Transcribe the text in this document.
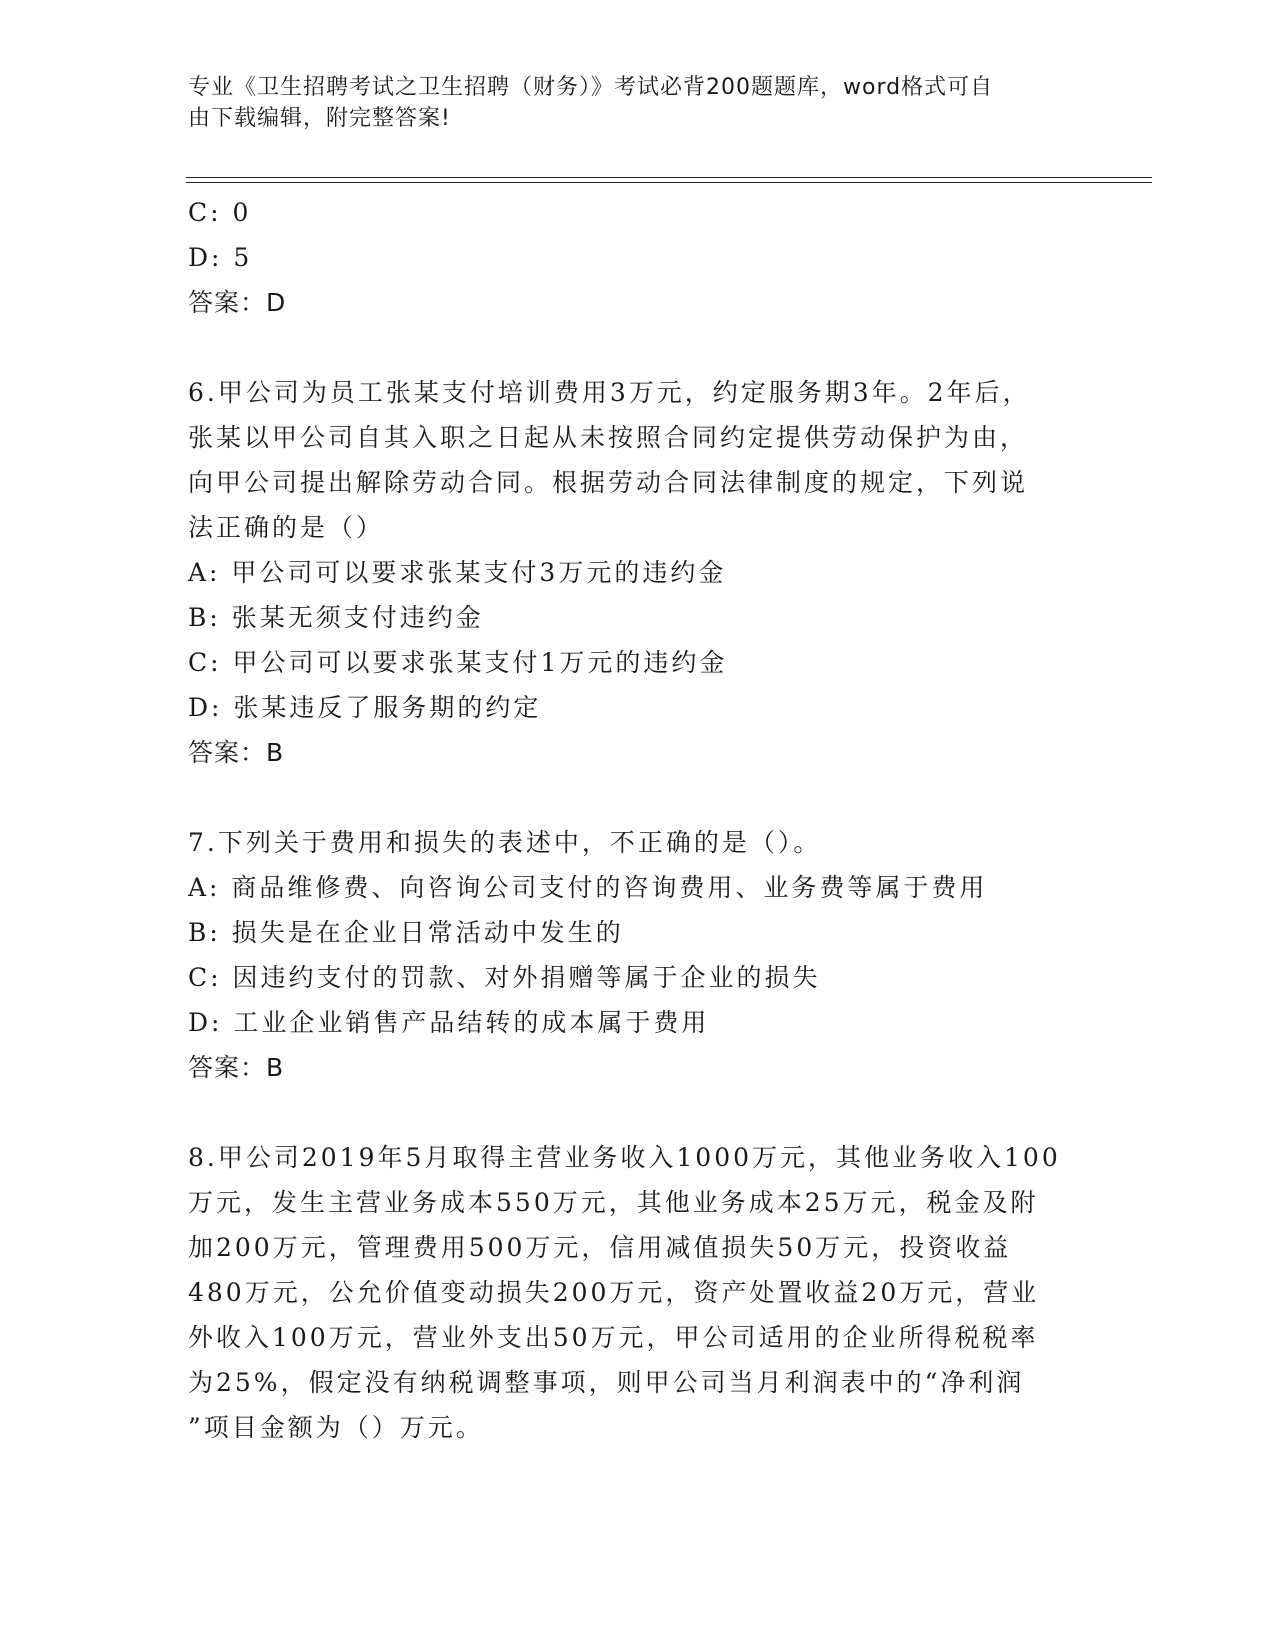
专业《卫生招聘考试之卫生招聘（财务）》考试必背200题题库，word格式可自
由下载编辑，附完整答案!
C: 0
D: 5
答案：D
6.甲公司为员工张某支付培训费用3万元，约定服务期3年。2年后，
张某以甲公司自其入职之日起从未按照合同约定提供劳动保护为由，
向甲公司提出解除劳动合同。根据劳动合同法律制度的规定，下列说
法正确的是（）
A: 甲公司可以要求张某支付3万元的违约金
B: 张某无须支付违约金
C: 甲公司可以要求张某支付1万元的违约金
D: 张某违反了服务期的约定
答案：B
7.下列关于费用和损失的表述中，不正确的是（）。
A: 商品维修费、向咨询公司支付的咨询费用、业务费等属于费用
B: 损失是在企业日常活动中发生的
C: 因违约支付的罚款、对外捐赠等属于企业的损失
D: 工业企业销售产品结转的成本属于费用
答案：B
8.甲公司2019年5月取得主营业务收入1000万元，其他业务收入100
万元，发生主营业务成本550万元，其他业务成本25万元，税金及附
加200万元，管理费用500万元，信用减值损失50万元，投资收益
480万元，公允价值变动损失200万元，资产处置收益20万元，营业
外收入100万元，营业外支出50万元，甲公司适用的企业所得税税率
为25%，假定没有纳税调整事项，则甲公司当月利润表中的“净利润
”项目金额为（）万元。
